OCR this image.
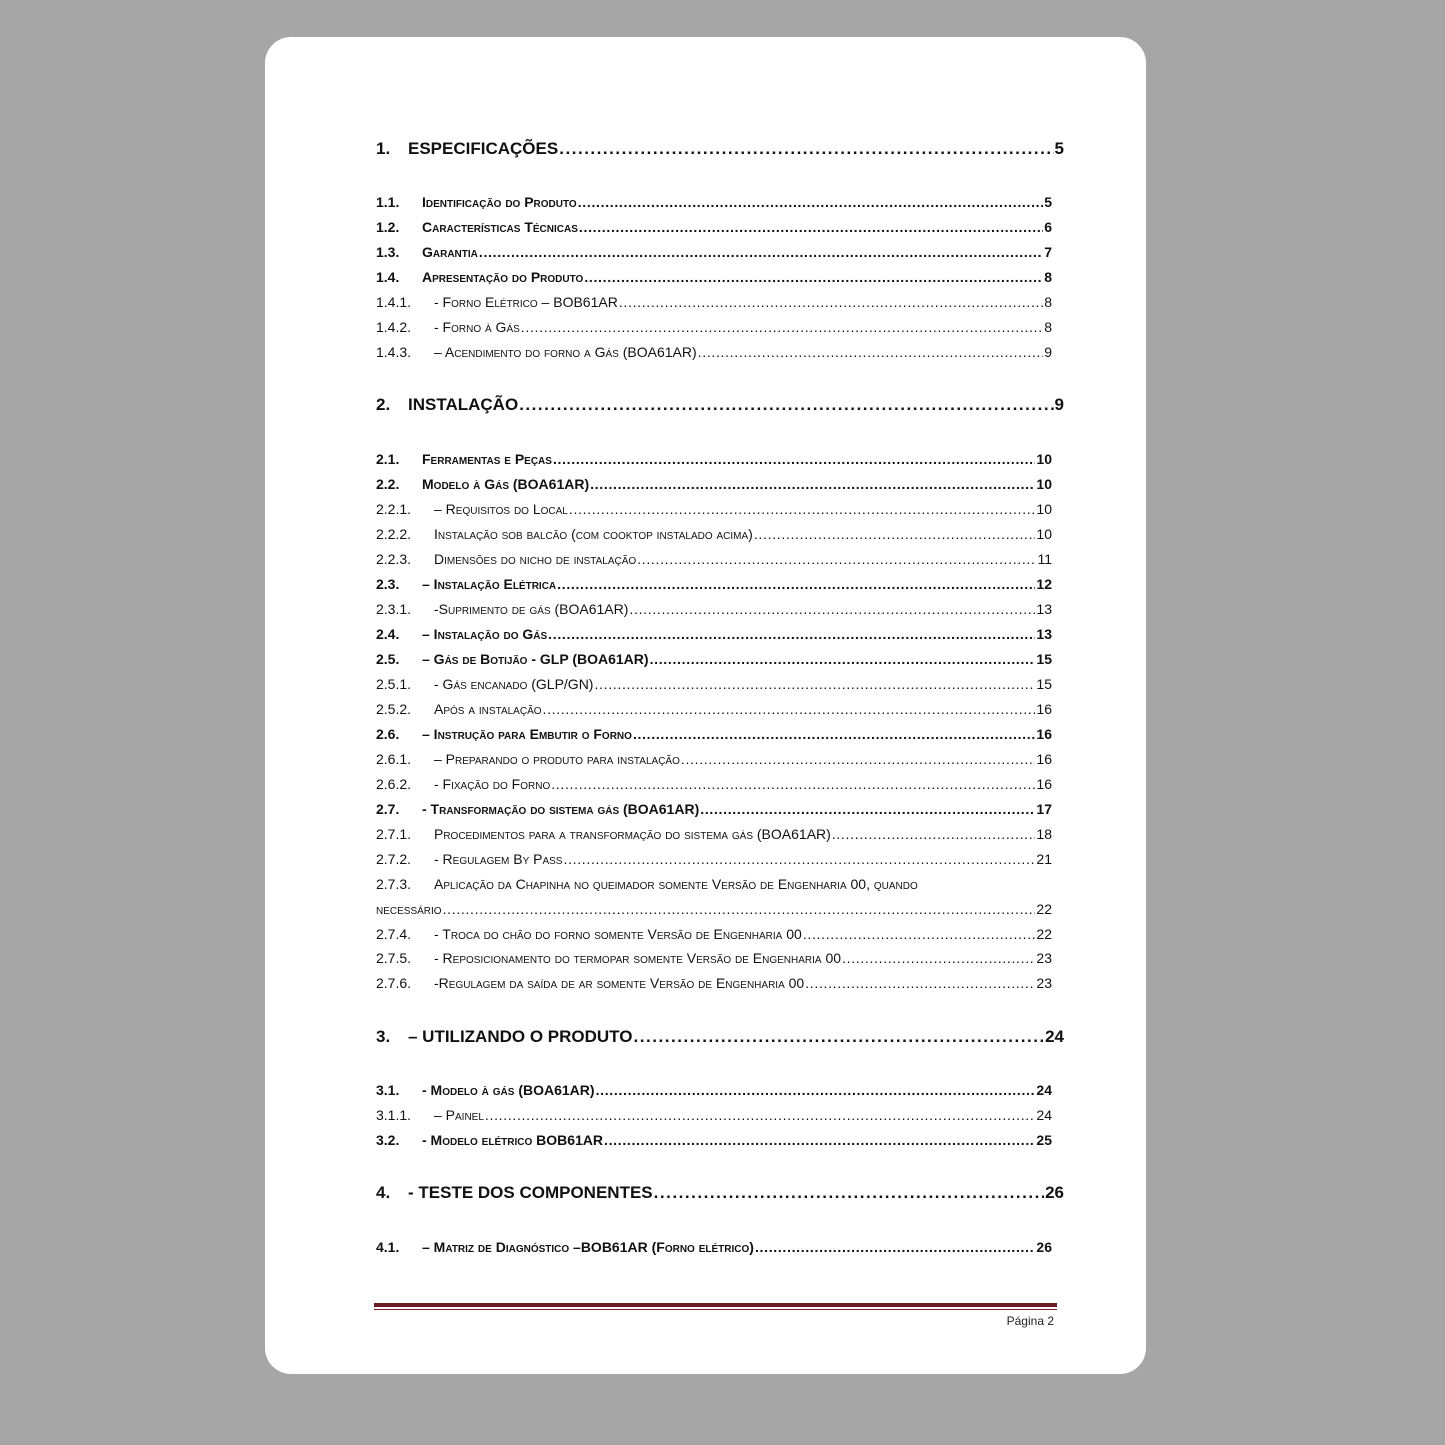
1.	ESPECIFICAÇÕES . . .	5
1.1.	Identificação do Produto . . .	5
1.2.	Características Técnicas . . .	6
1.3.	Garantia . . .	7
1.4.	Apresentação do Produto . . .	8
1.4.1.	- Forno Elétrico – BOB61AR . . .	8
1.4.2.	- Forno à Gás . . .	8
1.4.3.	– Acendimento do forno a Gás (BOA61AR) . . .	9
2.	INSTALAÇÃO . . .	9
2.1.	Ferramentas e Peças . . .	10
2.2.	Modelo à Gás (BOA61AR) . . .	10
2.2.1.	– Requisitos do Local . . .	10
2.2.2.	Instalação sob balcão (com cooktop instalado acima) . . .	10
2.2.3.	Dimensões do nicho de instalação . . .	11
2.3.	– Instalação Elétrica . . .	12
2.3.1.	-Suprimento de gás (BOA61AR) . . .	13
2.4.	– Instalação do Gás . . .	13
2.5.	– Gás de Botijão - GLP (BOA61AR) . . .	15
2.5.1.	- Gás encanado (GLP/GN) . . .	15
2.5.2.	Após a instalação . . .	16
2.6.	– Instrução para Embutir o Forno . . .	16
2.6.1.	– Preparando o produto para instalação . . .	16
2.6.2.	- Fixação do Forno . . .	16
2.7.	- Transformação do sistema gás (BOA61AR) . . .	17
2.7.1.	Procedimentos para a transformação do sistema gás (BOA61AR) . . .	18
2.7.2.	- Regulagem By Pass . . .	21
2.7.3. Aplicação da Chapinha no queimador somente Versão de Engenharia 00, quando
necessário . . .	22
2.7.4.	- Troca do chão do forno somente Versão de Engenharia 00 . . .	22
2.7.5.	- Reposicionamento do termopar somente Versão de Engenharia 00 . . .	23
2.7.6.	-Regulagem da saída de ar somente Versão de Engenharia 00 . . .	23
3.	– UTILIZANDO O PRODUTO . . .	24
3.1.	- Modelo à gás (BOA61AR) . . .	24
3.1.1.	– Painel . . .	24
3.2.	- Modelo elétrico BOB61AR . . .	25
4.	- TESTE DOS COMPONENTES . . .	26
4.1.	– Matriz de Diagnóstico –BOB61AR (Forno elétrico) . . .	26
Página 2
